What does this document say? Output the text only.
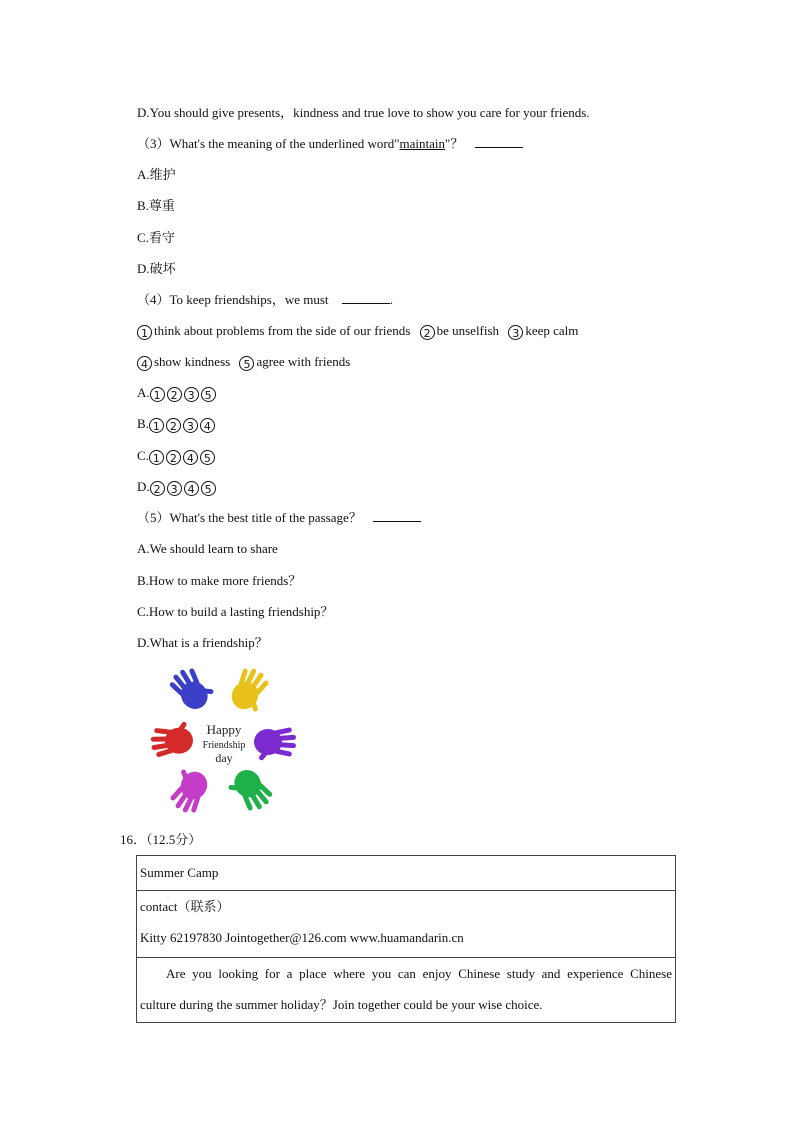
D.You should give presents，kindness and true love to show you care for your friends.
（3）What's the meaning of the underlined word"maintain"？
A.维护
B.尊重
C.看守
D.破坏
（4）To keep friendships，we must	.
1 think about problems from the side of our friends 2 be unselfish 3 keep calm
4 show kindness 5 agree with friends
A. 1 2 3 5
B. 1 2 3 4
C. 1 2 4 5
D. 2 3 4 5
（5）What's the best title of the passage？
A.We should learn to share
B.How to make more friends？
C.How to build a lasting friendship？
D.What is a friendship？
Happy
Friendship
day
16．（12.5分）
Summer Camp

contact（联系）
Kitty 62197830 Jointogether@126.com www.huamandarin.cn

Are you looking for a place where you can enjoy Chinese study and experience Chinese
culture during the summer holiday？Join together could be your wise choice.
